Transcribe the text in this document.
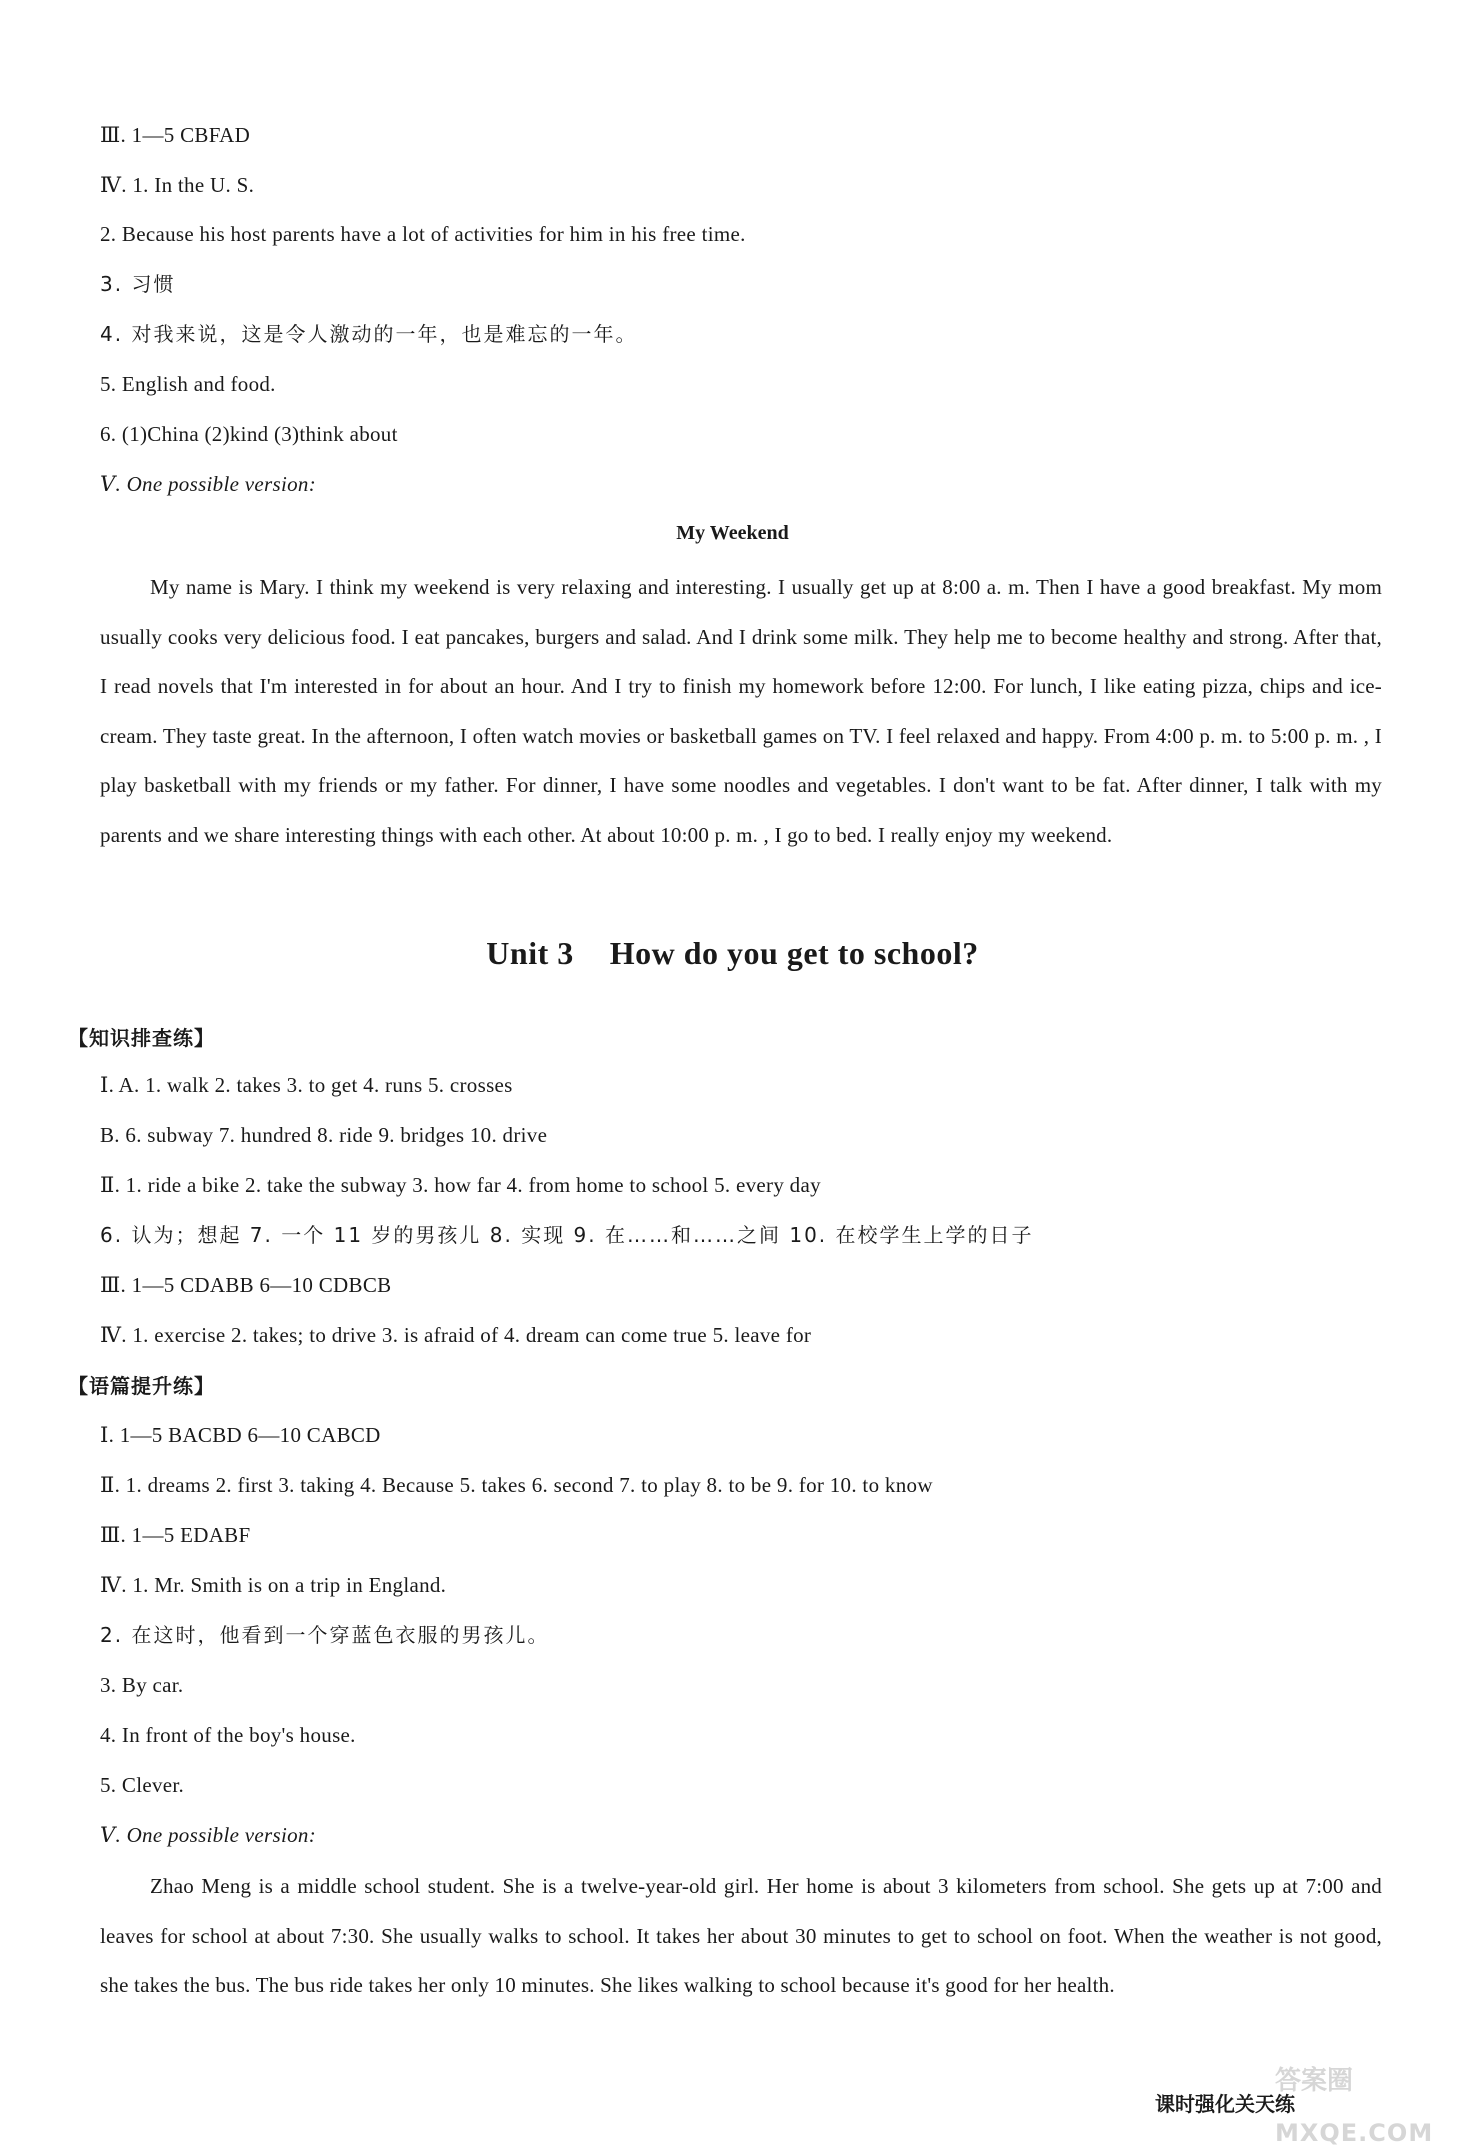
Ⅲ. 1—5 CBFAD
Ⅳ. 1. In the U. S.
2. Because his host parents have a lot of activities for him in his free time.
3. 习惯
4. 对我来说，这是令人激动的一年，也是难忘的一年。
5. English and food.
6. (1)China (2)kind (3)think about
Ⅴ. One possible version:
My Weekend

My name is Mary. I think my weekend is very relaxing and interesting. I usually get up at 8:00 a. m. Then I have a good breakfast. My mom usually cooks very delicious food. I eat pancakes, burgers and salad. And I drink some milk. They help me to become healthy and strong. After that, I read novels that I'm interested in for about an hour. And I try to finish my homework before 12:00. For lunch, I like eating pizza, chips and ice-cream. They taste great. In the afternoon, I often watch movies or basketball games on TV. I feel relaxed and happy. From 4:00 p. m. to 5:00 p. m. , I play basketball with my friends or my father. For dinner, I have some noodles and vegetables. I don't want to be fat. After dinner, I talk with my parents and we share interesting things with each other. At about 10:00 p. m. , I go to bed. I really enjoy my weekend.

Unit 3 How do you get to school?
【知识排查练】
Ⅰ. A. 1. walk 2. takes 3. to get 4. runs 5. crosses
B. 6. subway 7. hundred 8. ride 9. bridges 10. drive
Ⅱ. 1. ride a bike 2. take the subway 3. how far 4. from home to school 5. every day
6. 认为；想起 7. 一个 11 岁的男孩儿 8. 实现 9. 在……和……之间 10. 在校学生上学的日子
Ⅲ. 1—5 CDABB 6—10 CDBCB
Ⅳ. 1. exercise 2. takes; to drive 3. is afraid of 4. dream can come true 5. leave for
【语篇提升练】
Ⅰ. 1—5 BACBD 6—10 CABCD
Ⅱ. 1. dreams 2. first 3. taking 4. Because 5. takes 6. second 7. to play 8. to be 9. for 10. to know
Ⅲ. 1—5 EDABF
Ⅳ. 1. Mr. Smith is on a trip in England.
2. 在这时，他看到一个穿蓝色衣服的男孩儿。
3. By car.
4. In front of the boy's house.
5. Clever.
Ⅴ. One possible version:

Zhao Meng is a middle school student. She is a twelve-year-old girl. Her home is about 3 kilometers from school. She gets up at 7:00 and leaves for school at about 7:30. She usually walks to school. It takes her about 30 minutes to get to school on foot. When the weather is not good, she takes the bus. The bus ride takes her only 10 minutes. She likes walking to school because it's good for her health.

答案圈
MXQE.COM
课时强化关天练
